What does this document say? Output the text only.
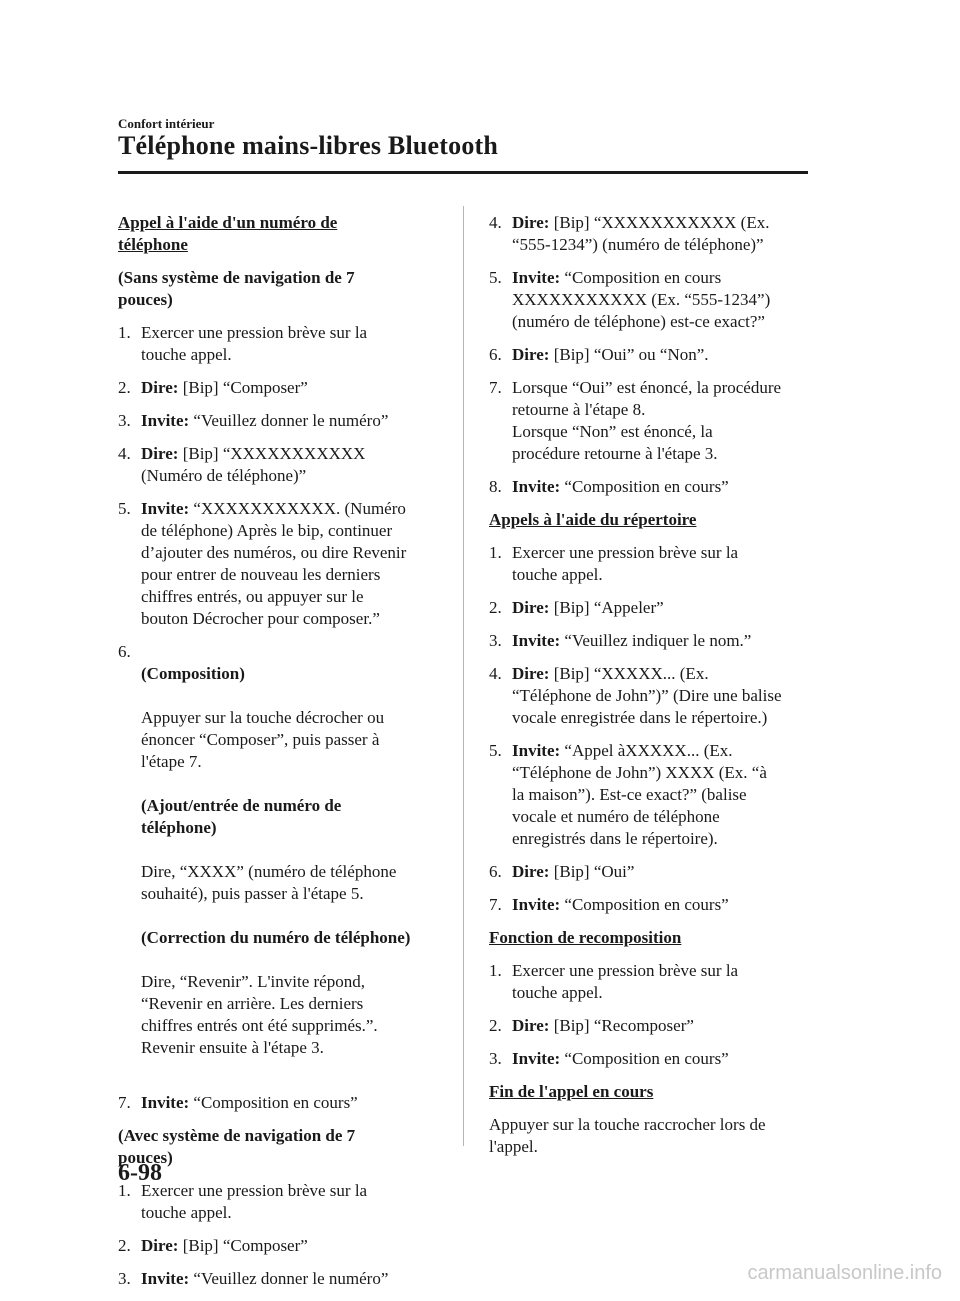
Confort intérieur
Téléphone mains-libres Bluetooth
Appel à l'aide d'un numéro de
téléphone
(Sans système de navigation de 7
pouces)
1. Exercer une pression brève sur la
touche appel.
2. Dire: [Bip] “Composer”
3. Invite: “Veuillez donner le numéro”
4. Dire: [Bip] “XXXXXXXXXXX
(Numéro de téléphone)”
5. Invite: “XXXXXXXXXXX. (Numéro
de téléphone) Après le bip, continuer
d’ajouter des numéros, ou dire Revenir
pour entrer de nouveau les derniers
chiffres entrés, ou appuyer sur le
bouton Décrocher pour composer.”
6.

(Composition)

Appuyer sur la touche décrocher ou
énoncer “Composer”, puis passer à
l'étape 7.

(Ajout/entrée de numéro de
téléphone)

Dire, “XXXX” (numéro de téléphone
souhaité), puis passer à l'étape 5.

(Correction du numéro de téléphone)

Dire, “Revenir”. L'invite répond,
“Revenir en arrière. Les derniers
chiffres entrés ont été supprimés.”.
Revenir ensuite à l'étape 3.

7. Invite: “Composition en cours”
(Avec système de navigation de 7
pouces)
1. Exercer une pression brève sur la
touche appel.
2. Dire: [Bip] “Composer”
3. Invite: “Veuillez donner le numéro”
4. Dire: [Bip] “XXXXXXXXXXX (Ex.
“555-1234”) (numéro de téléphone)”
5. Invite: “Composition en cours
XXXXXXXXXXX (Ex. “555-1234”)
(numéro de téléphone) est-ce exact?”
6. Dire: [Bip] “Oui” ou “Non”.
7. Lorsque “Oui” est énoncé, la procédure
retourne à l'étape 8.
Lorsque “Non” est énoncé, la
procédure retourne à l'étape 3.
8. Invite: “Composition en cours”
Appels à l'aide du répertoire
1. Exercer une pression brève sur la
touche appel.
2. Dire: [Bip] “Appeler”
3. Invite: “Veuillez indiquer le nom.”
4. Dire: [Bip] “XXXXX... (Ex.
“Téléphone de John”)” (Dire une balise
vocale enregistrée dans le répertoire.)
5. Invite: “Appel àXXXXX... (Ex.
“Téléphone de John”) XXXX (Ex. “à
la maison”). Est-ce exact?” (balise
vocale et numéro de téléphone
enregistrés dans le répertoire).
6. Dire: [Bip] “Oui”
7. Invite: “Composition en cours”
Fonction de recomposition
1. Exercer une pression brève sur la
touche appel.
2. Dire: [Bip] “Recomposer”
3. Invite: “Composition en cours”
Fin de l'appel en cours
Appuyer sur la touche raccrocher lors de
l'appel.
6-98
carmanualsonline.info
